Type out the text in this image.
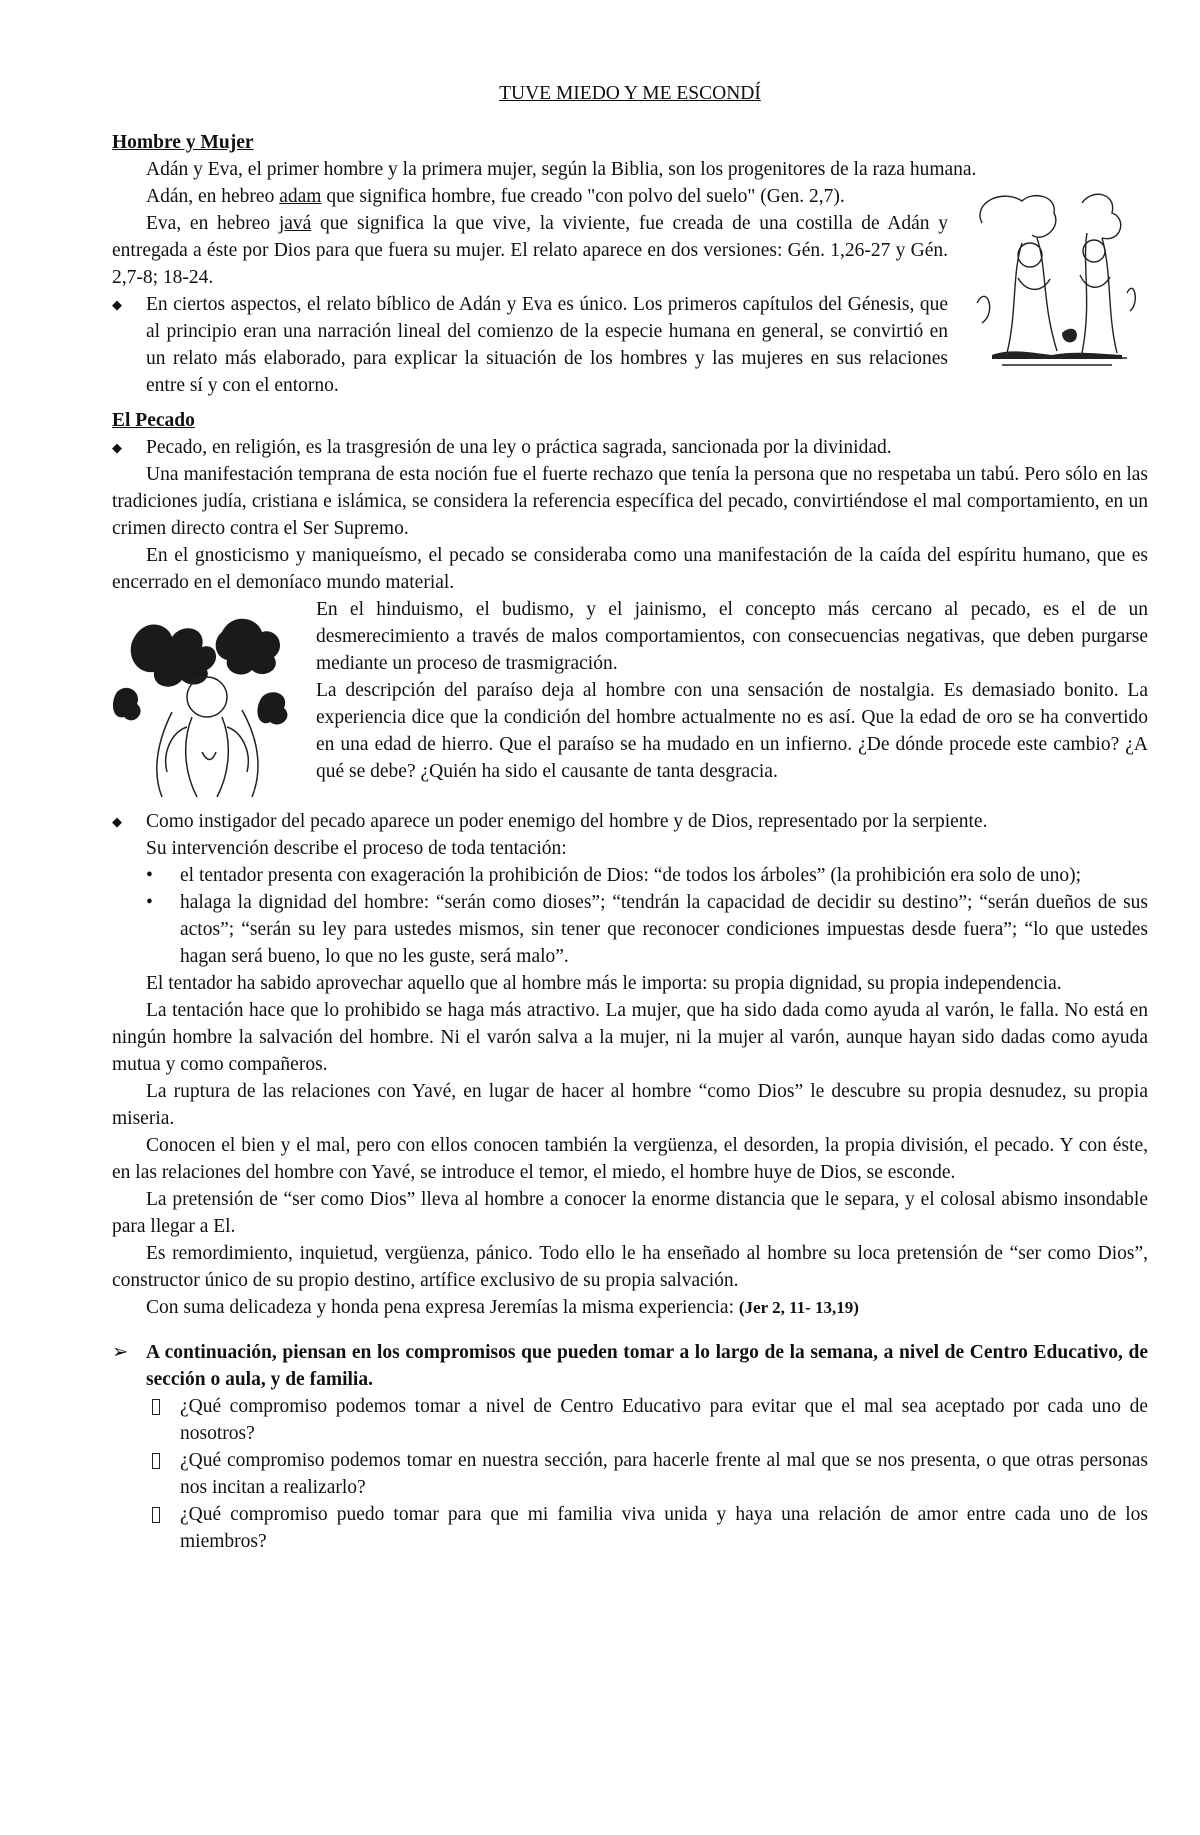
TUVE MIEDO Y ME ESCONDÍ

Hombre y Mujer

Adán y Eva, el primer hombre y la primera mujer, según la Biblia, son los progenitores de la raza humana.

Adán, en hebreo adam que significa hombre, fue creado "con polvo del suelo" (Gen. 2,7).

Eva, en hebreo javá que significa la que vive, la viviente, fue creada de una costilla de Adán y entregada a éste por Dios para que fuera su mujer. El relato aparece en dos versiones: Gén. 1,26-27 y Gén. 2,7-8; 18-24.

◆ En ciertos aspectos, el relato bíblico de Adán y Eva es único. Los primeros capítulos del Génesis, que al principio eran una narración lineal del comienzo de la especie humana en general, se convirtió en un relato más elaborado, para explicar la situación de los hombres y las mujeres en sus relaciones entre sí y con el entorno.

El Pecado

◆ Pecado, en religión, es la trasgresión de una ley o práctica sagrada, sancionada por la divinidad.

Una manifestación temprana de esta noción fue el fuerte rechazo que tenía la persona que no respetaba un tabú. Pero sólo en las tradiciones judía, cristiana e islámica, se considera la referencia específica del pecado, convirtiéndose el mal comportamiento, en un crimen directo contra el Ser Supremo.

En el gnosticismo y maniqueísmo, el pecado se consideraba como una manifestación de la caída del espíritu humano, que es encerrado en el demoníaco mundo material.

En el hinduismo, el budismo, y el jainismo, el concepto más cercano al pecado, es el de un desmerecimiento a través de malos comportamientos, con consecuencias negativas, que deben purgarse mediante un proceso de trasmigración.

La descripción del paraíso deja al hombre con una sensación de nostalgia. Es demasiado bonito. La experiencia dice que la condición del hombre actualmente no es así. Que la edad de oro se ha convertido en una edad de hierro. Que el paraíso se ha mudado en un infierno. ¿De dónde procede este cambio? ¿A qué se debe? ¿Quién ha sido el causante de tanta desgracia.

◆ Como instigador del pecado aparece un poder enemigo del hombre y de Dios, representado por la serpiente.

Su intervención describe el proceso de toda tentación:

• el tentador presenta con exageración la prohibición de Dios: “de todos los árboles” (la prohibición era solo de uno);

• halaga la dignidad del hombre: “serán como dioses”; “tendrán la capacidad de decidir su destino”; “serán dueños de sus actos”; “serán su ley para ustedes mismos, sin tener que reconocer condiciones impuestas desde fuera”; “lo que ustedes hagan será bueno, lo que no les guste, será malo”.

El tentador ha sabido aprovechar aquello que al hombre más le importa: su propia dignidad, su propia independencia.

La tentación hace que lo prohibido se haga más atractivo. La mujer, que ha sido dada como ayuda al varón, le falla. No está en ningún hombre la salvación del hombre. Ni el varón salva a la mujer, ni la mujer al varón, aunque hayan sido dadas como ayuda mutua y como compañeros.

La ruptura de las relaciones con Yavé, en lugar de hacer al hombre “como Dios” le descubre su propia desnudez, su propia miseria.

Conocen el bien y el mal, pero con ellos conocen también la vergüenza, el desorden, la propia división, el pecado. Y con éste, en las relaciones del hombre con Yavé, se introduce el temor, el miedo, el hombre huye de Dios, se esconde.

La pretensión de “ser como Dios” lleva al hombre a conocer la enorme distancia que le separa, y el colosal abismo insondable para llegar a El.

Es remordimiento, inquietud, vergüenza, pánico. Todo ello le ha enseñado al hombre su loca pretensión de “ser como Dios”, constructor único de su propio destino, artífice exclusivo de su propia salvación.

Con suma delicadeza y honda pena expresa Jeremías la misma experiencia: (Jer 2, 11- 13,19)

➢ A continuación, piensan en los compromisos que pueden tomar a lo largo de la semana, a nivel de Centro Educativo, de sección o aula, y de familia.

¿Qué compromiso podemos tomar a nivel de Centro Educativo para evitar que el mal sea aceptado por cada uno de nosotros?

¿Qué compromiso podemos tomar en nuestra sección, para hacerle frente al mal que se nos presenta, o que otras personas nos incitan a realizarlo?

¿Qué compromiso puedo tomar para que mi familia viva unida y haya una relación de amor entre cada uno de los miembros?
